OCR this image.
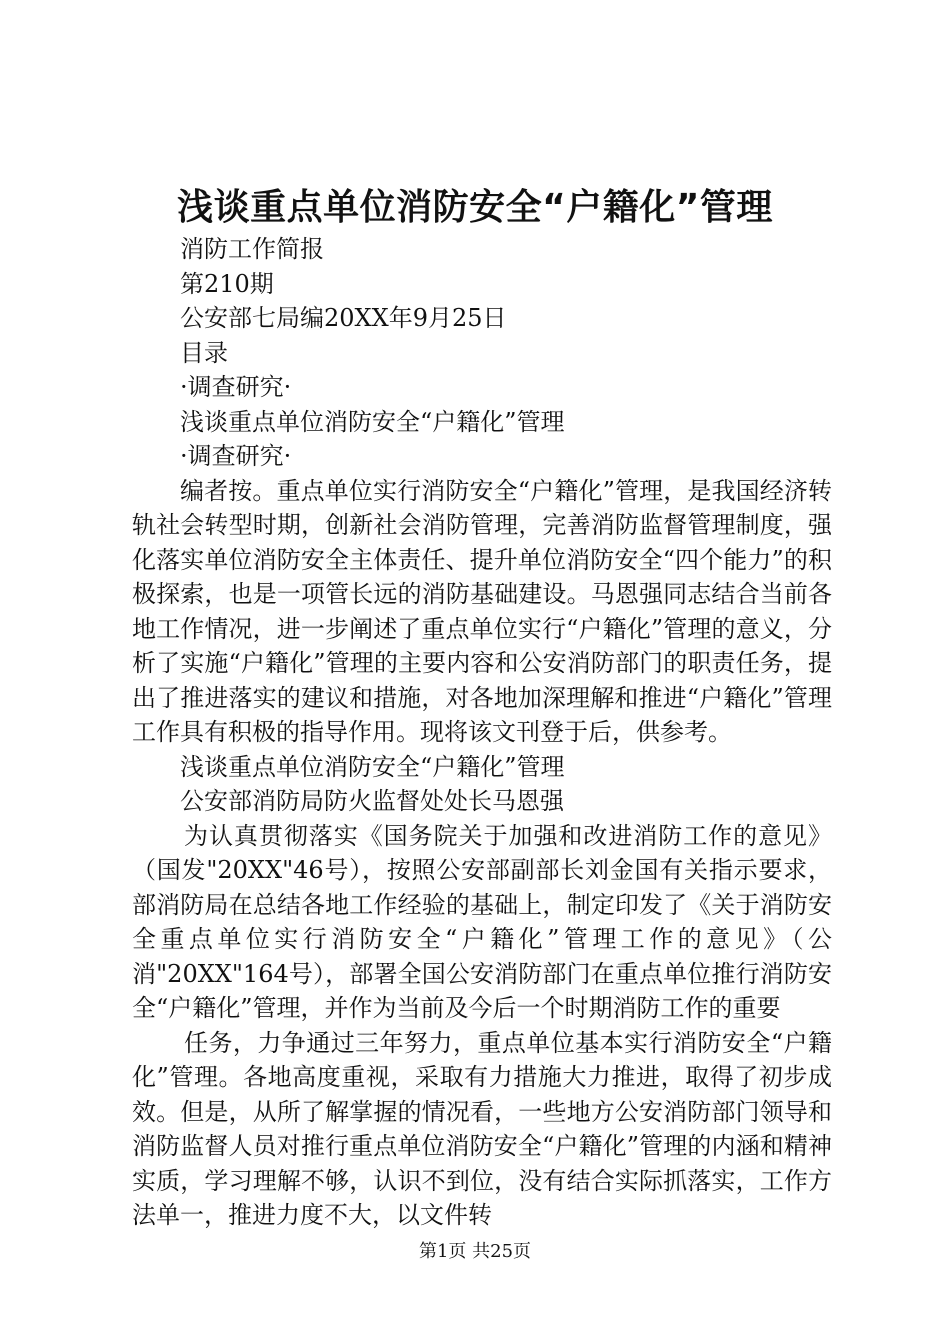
浅谈重点单位消防安全“户籍化”管理
消防工作简报
第210期
公安部七局编20XX年9月25日
目录
·调查研究·
浅谈重点单位消防安全“户籍化”管理
·调查研究·

编者按。重点单位实行消防安全“户籍化”管理，是我国经济转轨社会转型时期，创新社会消防管理，完善消防监督管理制度，强化落实单位消防安全主体责任、提升单位消防安全“四个能力”的积极探索，也是一项管长远的消防基础建设。马恩强同志结合当前各地工作情况，进一步阐述了重点单位实行“户籍化”管理的意义，分析了实施“户籍化”管理的主要内容和公安消防部门的职责任务，提出了推进落实的建议和措施，对各地加深理解和推进“户籍化”管理工作具有积极的指导作用。现将该文刊登于后，供参考。

浅谈重点单位消防安全“户籍化”管理
公安部消防局防火监督处处长马恩强

为认真贯彻落实《国务院关于加强和改进消防工作的意见》（国发"20XX"46号），按照公安部副部长刘金国有关指示要求，部消防局在总结各地工作经验的基础上，制定印发了《关于消防安全重点单位实行消防安全“户籍化”管理工作的意见》（公消"20XX"164号），部署全国公安消防部门在重点单位推行消防安全“户籍化”管理，并作为当前及今后一个时期消防工作的重要

任务，力争通过三年努力，重点单位基本实行消防安全“户籍化”管理。各地高度重视，采取有力措施大力推进，取得了初步成效。但是，从所了解掌握的情况看，一些地方公安消防部门领导和消防监督人员对推行重点单位消防安全“户籍化”管理的内涵和精神实质，学习理解不够，认识不到位，没有结合实际抓落实，工作方法单一，推进力度不大，以文件转

第1页 共25页
